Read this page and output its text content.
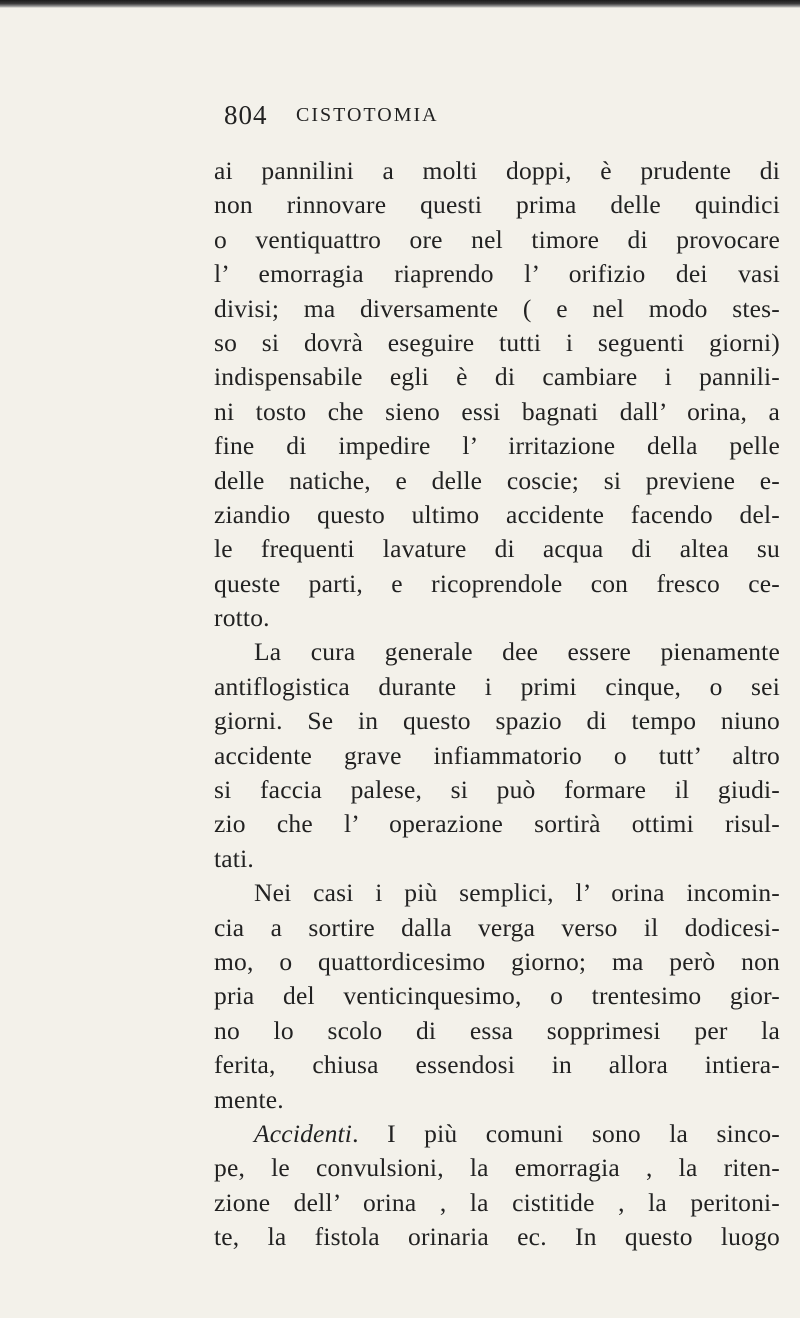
804 CISTOTOMIA
ai pannilini a molti doppi, è prudente di
non rinnovare questi prima delle quindici
o ventiquattro ore nel timore di provocare
l’ emorragia riaprendo l’ orifizio dei vasi
divisi; ma diversamente ( e nel modo stes-
so si dovrà eseguire tutti i seguenti giorni)
indispensabile egli è di cambiare i pannili-
ni tosto che sieno essi bagnati dall’ orina, a
fine di impedire l’ irritazione della pelle
delle natiche, e delle coscie; si previene e-
ziandio questo ultimo accidente facendo del-
le frequenti lavature di acqua di altea su
queste parti, e ricoprendole con fresco ce-
rotto.
La cura generale dee essere pienamente
antiflogistica durante i primi cinque, o sei
giorni. Se in questo spazio di tempo niuno
accidente grave infiammatorio o tutt’ altro
si faccia palese, si può formare il giudi-
zio che l’ operazione sortirà ottimi risul-
tati.
Nei casi i più semplici, l’ orina incomin-
cia a sortire dalla verga verso il dodicesi-
mo, o quattordicesimo giorno; ma però non
pria del venticinquesimo, o trentesimo gior-
no lo scolo di essa sopprimesi per la
ferita, chiusa essendosi in allora intiera-
mente.
Accidenti. I più comuni sono la sinco-
pe, le convulsioni, la emorragia , la riten-
zione dell’ orina , la cistitide , la peritoni-
te, la fistola orinaria ec. In questo luogo
